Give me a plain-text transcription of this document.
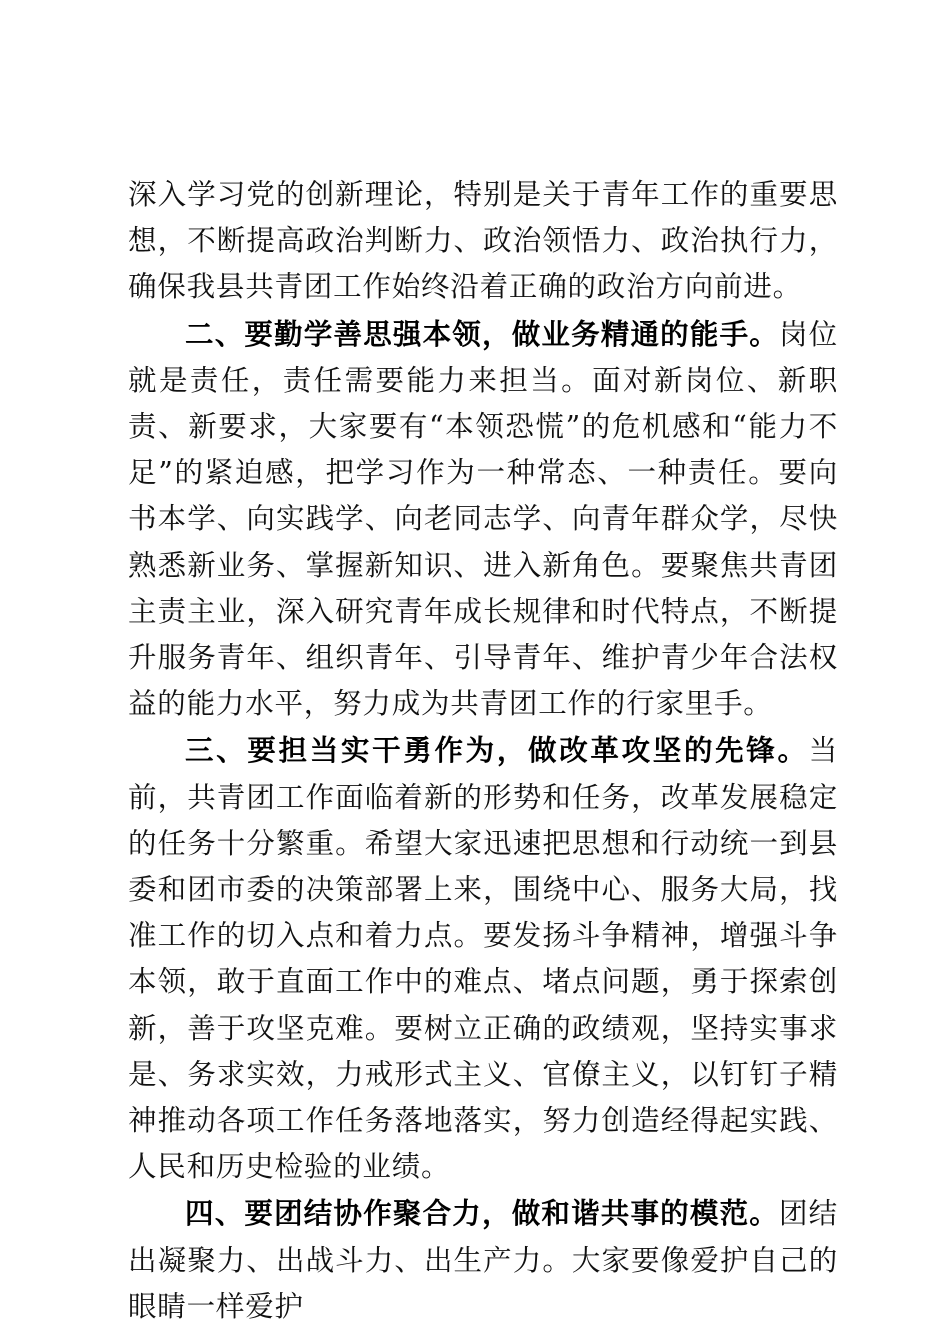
深入学习党的创新理论，特别是关于青年工作的重要思想，不断提高政治判断力、政治领悟力、政治执行力，确保我县共青团工作始终沿着正确的政治方向前进。

二、要勤学善思强本领，做业务精通的能手。岗位就是责任，责任需要能力来担当。面对新岗位、新职责、新要求，大家要有“本领恐慌”的危机感和“能力不足”的紧迫感，把学习作为一种常态、一种责任。要向书本学、向实践学、向老同志学、向青年群众学，尽快熟悉新业务、掌握新知识、进入新角色。要聚焦共青团主责主业，深入研究青年成长规律和时代特点，不断提升服务青年、组织青年、引导青年、维护青少年合法权益的能力水平，努力成为共青团工作的行家里手。

三、要担当实干勇作为，做改革攻坚的先锋。当前，共青团工作面临着新的形势和任务，改革发展稳定的任务十分繁重。希望大家迅速把思想和行动统一到县委和团市委的决策部署上来，围绕中心、服务大局，找准工作的切入点和着力点。要发扬斗争精神，增强斗争本领，敢于直面工作中的难点、堵点问题，勇于探索创新，善于攻坚克难。要树立正确的政绩观，坚持实事求是、务求实效，力戒形式主义、官僚主义，以钉钉子精神推动各项工作任务落地落实，努力创造经得起实践、人民和历史检验的业绩。

四、要团结协作聚合力，做和谐共事的模范。团结出凝聚力、出战斗力、出生产力。大家要像爱护自己的眼睛一样爱护
